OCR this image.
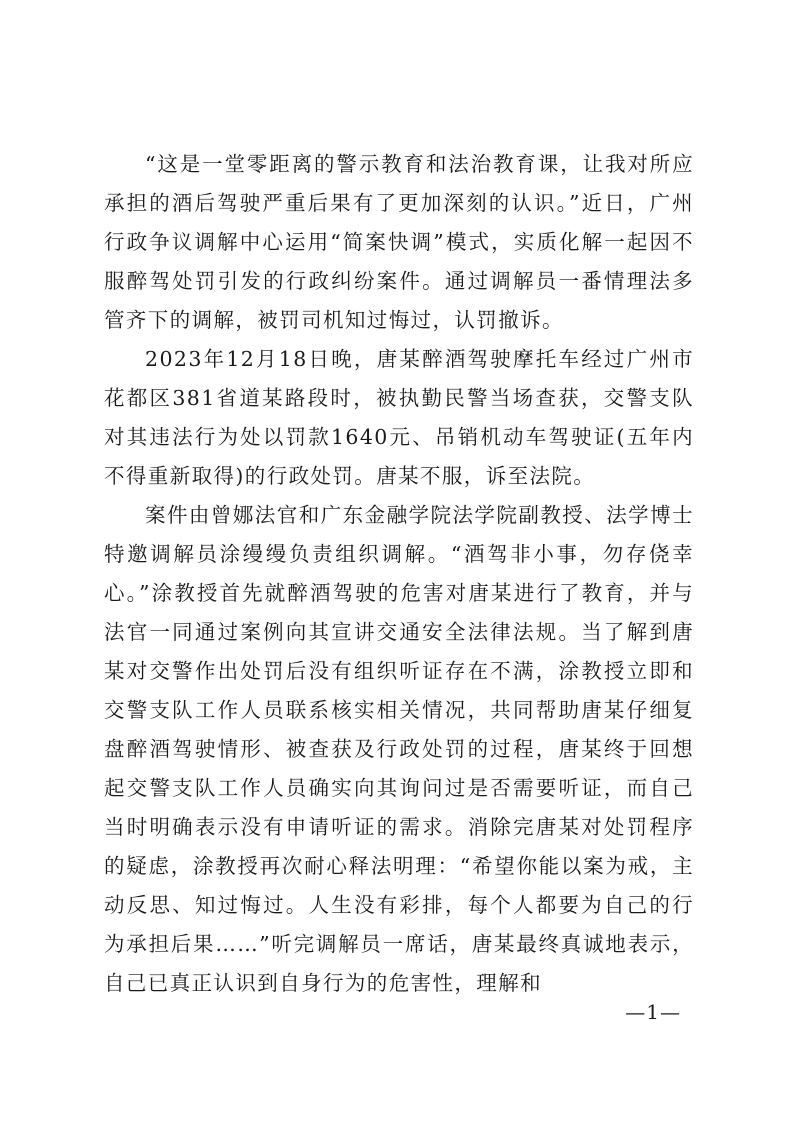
“这是一堂零距离的警示教育和法治教育课，让我对所应承担的酒后驾驶严重后果有了更加深刻的认识。”近日，广州行政争议调解中心运用“简案快调”模式，实质化解一起因不服醉驾处罚引发的行政纠纷案件。通过调解员一番情理法多管齐下的调解，被罚司机知过悔过，认罚撤诉。

2023年12月18日晚，唐某醉酒驾驶摩托车经过广州市花都区381省道某路段时，被执勤民警当场查获，交警支队对其违法行为处以罚款1640元、吊销机动车驾驶证(五年内不得重新取得)的行政处罚。唐某不服，诉至法院。

案件由曾娜法官和广东金融学院法学院副教授、法学博士特邀调解员涂缦缦负责组织调解。“酒驾非小事，勿存侥幸心。”涂教授首先就醉酒驾驶的危害对唐某进行了教育，并与法官一同通过案例向其宣讲交通安全法律法规。当了解到唐某对交警作出处罚后没有组织听证存在不满，涂教授立即和交警支队工作人员联系核实相关情况，共同帮助唐某仔细复盘醉酒驾驶情形、被查获及行政处罚的过程，唐某终于回想起交警支队工作人员确实向其询问过是否需要听证，而自己当时明确表示没有申请听证的需求。消除完唐某对处罚程序的疑虑，涂教授再次耐心释法明理：“希望你能以案为戒，主动反思、知过悔过。人生没有彩排，每个人都要为自己的行为承担后果……”听完调解员一席话，唐某最终真诚地表示，自己已真正认识到自身行为的危害性，理解和

—1—
